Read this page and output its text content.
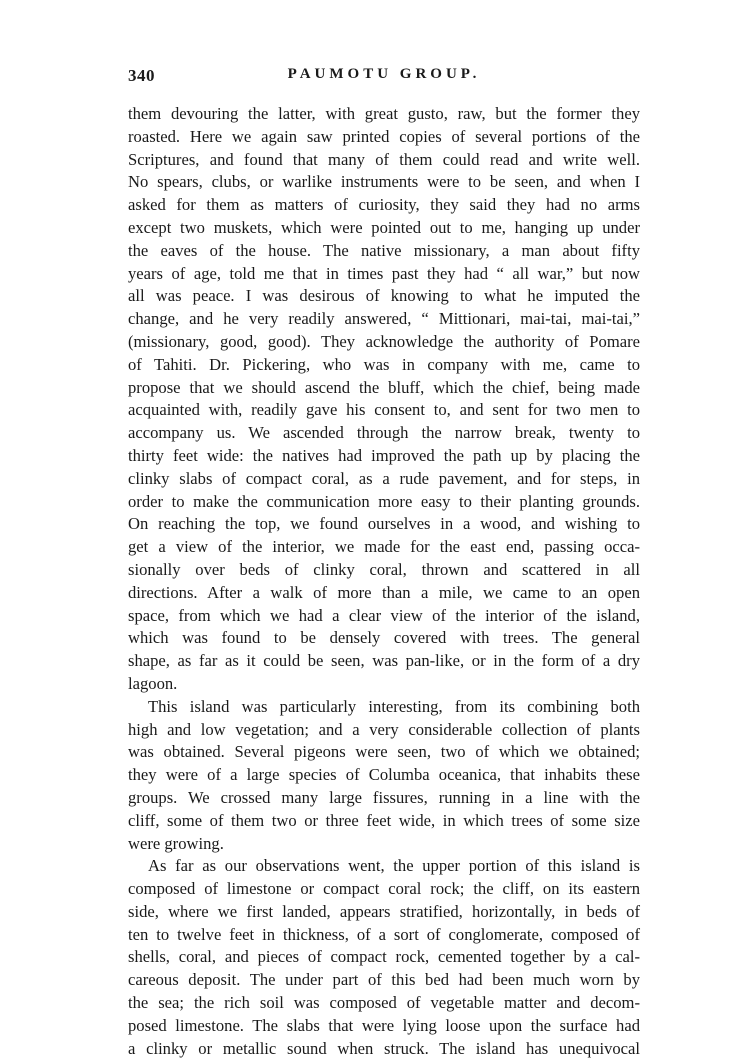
340	PAUMOTU GROUP.
them devouring the latter, with great gusto, raw, but the former they
roasted. Here we again saw printed copies of several portions of the
Scriptures, and found that many of them could read and write well.
No spears, clubs, or warlike instruments were to be seen, and when I
asked for them as matters of curiosity, they said they had no arms
except two muskets, which were pointed out to me, hanging up under
the eaves of the house. The native missionary, a man about fifty
years of age, told me that in times past they had “ all war,” but now
all was peace. I was desirous of knowing to what he imputed the
change, and he very readily answered, “ Mittionari, mai-tai, mai-tai,”
(missionary, good, good). They acknowledge the authority of Pomare
of Tahiti. Dr. Pickering, who was in company with me, came to
propose that we should ascend the bluff, which the chief, being made
acquainted with, readily gave his consent to, and sent for two men to
accompany us. We ascended through the narrow break, twenty to
thirty feet wide: the natives had improved the path up by placing the
clinky slabs of compact coral, as a rude pavement, and for steps, in
order to make the communication more easy to their planting grounds.
On reaching the top, we found ourselves in a wood, and wishing to
get a view of the interior, we made for the east end, passing occa-
sionally over beds of clinky coral, thrown and scattered in all
directions. After a walk of more than a mile, we came to an open
space, from which we had a clear view of the interior of the island,
which was found to be densely covered with trees. The general
shape, as far as it could be seen, was pan-like, or in the form of a dry
lagoon.
This island was particularly interesting, from its combining both
high and low vegetation; and a very considerable collection of plants
was obtained. Several pigeons were seen, two of which we obtained;
they were of a large species of Columba oceanica, that inhabits these
groups. We crossed many large fissures, running in a line with the
cliff, some of them two or three feet wide, in which trees of some size
were growing.
As far as our observations went, the upper portion of this island is
composed of limestone or compact coral rock; the cliff, on its eastern
side, where we first landed, appears stratified, horizontally, in beds of
ten to twelve feet in thickness, of a sort of conglomerate, composed of
shells, coral, and pieces of compact rock, cemented together by a cal-
careous deposit. The under part of this bed had been much worn by
the sea; the rich soil was composed of vegetable matter and decom-
posed limestone. The slabs that were lying loose upon the surface had
a clinky or metallic sound when struck. The island has unequivocal
